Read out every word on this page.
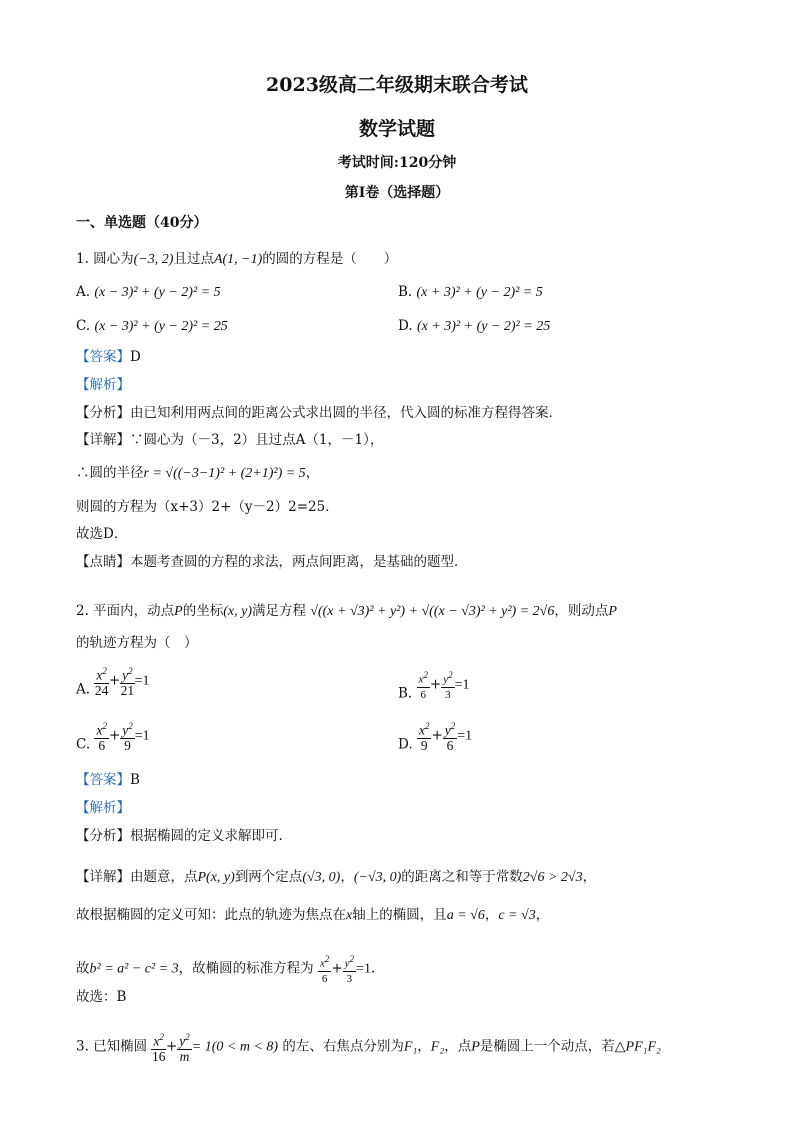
2023级高二年级期末联合考试
数学试题
考试时间:120分钟
第I卷（选择题）
一、单选题（40分）
1. 圆心为(−3, 2)且过点A(1, −1)的圆的方程是（　　）
A. (x − 3)² + (y − 2)² = 5	B. (x + 3)² + (y − 2)² = 5
C. (x − 3)² + (y − 2)² = 25	D. (x + 3)² + (y − 2)² = 25
【答案】D
【解析】
【分析】由已知利用两点间的距离公式求出圆的半径，代入圆的标准方程得答案．
【详解】∵圆心为（－3，2）且过点A（1，－1），
∴圆的半径r = √((−3−1)² + (2+1)²) = 5，
则圆的方程为（x+3）2+（y－2）2=25．
故选D．
【点睛】本题考查圆的方程的求法，两点间距离，是基础的题型．
2. 平面内，动点P的坐标(x, y)满足方程 √((x + √3)² + y²) + √((x − √3)² + y²) = 2√6，则动点P
的轨迹方程为（　）
A. $\frac{x^2}{24} + \frac{y^2}{21} =1$
B. $\frac{x^2}{6} + \frac{y^2}{3} =1$
C. $\frac{x^2}{6} + \frac{y^2}{9} =1$
D. $\frac{x^2}{9} + \frac{y^2}{6} =1$
【答案】B
【解析】
【分析】根据椭圆的定义求解即可.
【详解】由题意，点P(x, y)到两个定点(√3, 0)，(−√3, 0)的距离之和等于常数2√6 > 2√3，
故根据椭圆的定义可知：此点的轨迹为焦点在x轴上的椭圆，且a = √6，c = √3，
故b² = a² − c² = 3，故椭圆的标准方程为 $\frac{x^2}{6} + \frac{y^2}{3} =1$.
故选：B
3. 已知椭圆 $\frac{x^2}{16} + \frac{y^2}{m} = 1(0 < m < 8)$ 的左、右焦点分别为F₁，F₂，点P是椭圆上一个动点，若△PF₁F₂
